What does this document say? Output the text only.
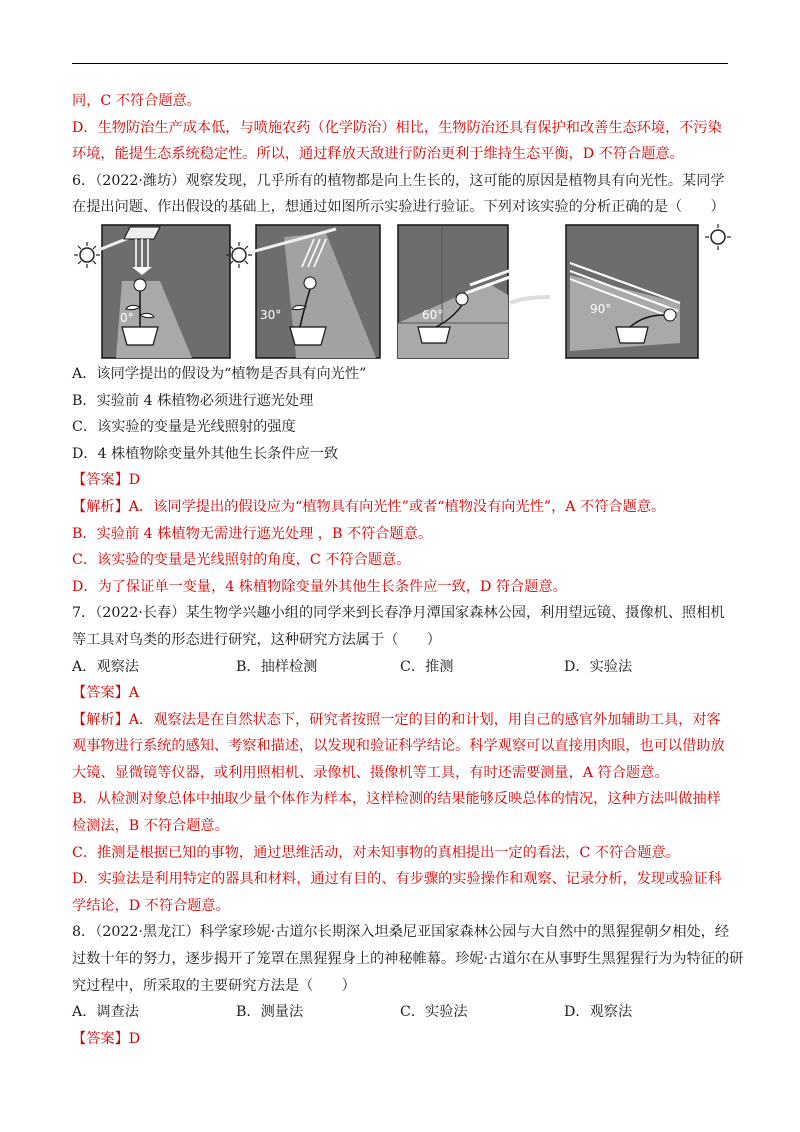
同，C 不符合题意。
D．生物防治生产成本低，与喷施农药（化学防治）相比，生物防治还具有保护和改善生态环境，不污染
环境，能提生态系统稳定性。所以，通过释放天敌进行防治更利于维持生态平衡，D 不符合题意。
6．（2022·潍坊）观察发现，几乎所有的植物都是向上生长的，这可能的原因是植物具有向光性。某同学
在提出问题、作出假设的基础上，想通过如图所示实验进行验证。下列对该实验的分析正确的是（　　）
0°	30°	60°	90°
A．该同学提出的假设为“植物是否具有向光性”
B．实验前 4 株植物必须进行遮光处理
C．该实验的变量是光线照射的强度
D．4 株植物除变量外其他生长条件应一致
【答案】D
【解析】A．该同学提出的假设应为“植物具有向光性”或者“植物没有向光性”，A 不符合题意。
B．实验前 4 株植物无需进行遮光处理 ，B 不符合题意。
C．该实验的变量是光线照射的角度，C 不符合题意。
D．为了保证单一变量，4 株植物除变量外其他生长条件应一致，D 符合题意。
7．（2022·长春）某生物学兴趣小组的同学来到长春净月潭国家森林公园，利用望远镜、摄像机、照相机
等工具对鸟类的形态进行研究，这种研究方法属于（　　）
A．观察法	B．抽样检测	C．推测	D．实验法
【答案】A
【解析】A．观察法是在自然状态下，研究者按照一定的目的和计划，用自己的感官外加辅助工具，对客
观事物进行系统的感知、考察和描述，以发现和验证科学结论。科学观察可以直接用肉眼，也可以借助放
大镜、显微镜等仪器，或利用照相机、录像机、摄像机等工具，有时还需要测量，A 符合题意。
B．从检测对象总体中抽取少量个体作为样本，这样检测的结果能够反映总体的情况，这种方法叫做抽样
检测法，B 不符合题意。
C．推测是根据已知的事物，通过思维活动，对未知事物的真相提出一定的看法，C 不符合题意。
D．实验法是利用特定的器具和材料，通过有目的、有步骤的实验操作和观察、记录分析，发现或验证科
学结论，D 不符合题意。
8．（2022·黑龙江）科学家珍妮·古道尔长期深入坦桑尼亚国家森林公园与大自然中的黑猩猩朝夕相处，经
过数十年的努力，逐步揭开了笼罩在黑猩猩身上的神秘帷幕。珍妮·古道尔在从事野生黑猩猩行为为特征的研
究过程中，所采取的主要研究方法是（　　）
A．调查法	B．测量法	C．实验法	D．观察法
【答案】D
